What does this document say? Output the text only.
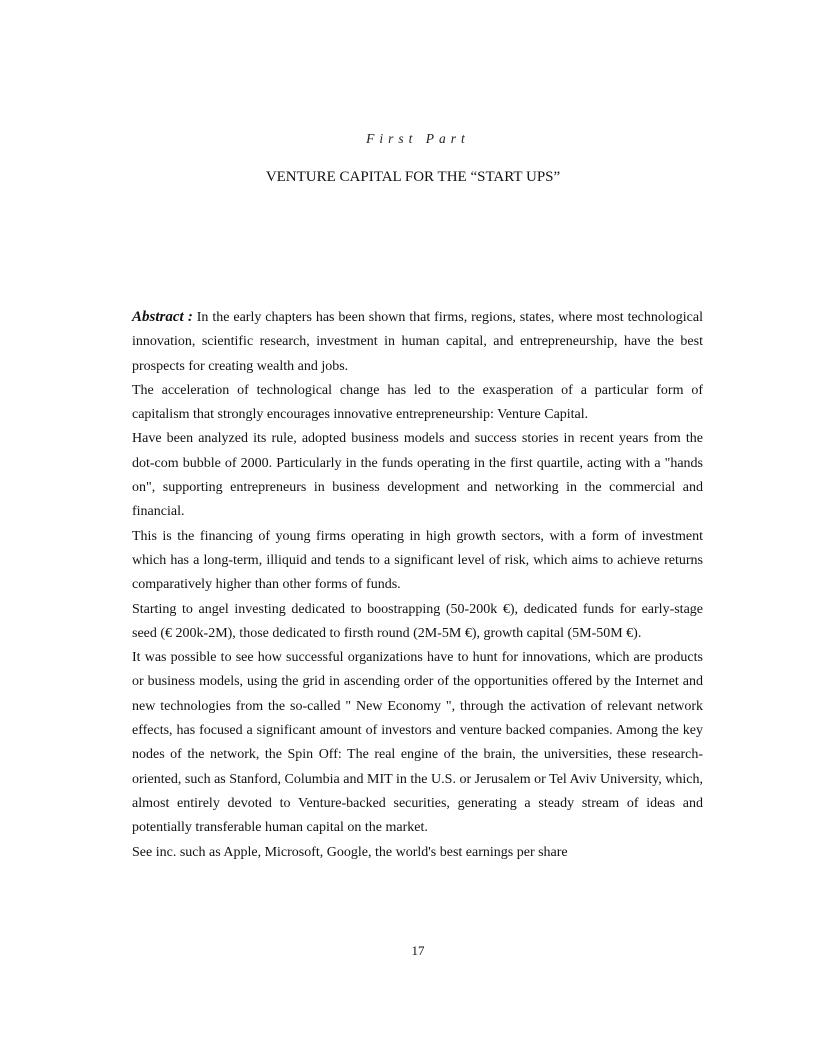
First Part
VENTURE CAPITAL FOR THE “START UPS”

Abstract : In the early chapters has been shown that firms, regions, states, where most technological innovation, scientific research, investment in human capital, and entrepreneurship, have the best prospects for creating wealth and jobs.

The acceleration of technological change has led to the exasperation of a particular form of capitalism that strongly encourages innovative entrepreneurship: Venture Capital.

Have been analyzed its rule, adopted business models and success stories in recent years from the dot-com bubble of 2000. Particularly in the funds operating in the first quartile, acting with a "hands on", supporting entrepreneurs in business development and networking in the commercial and financial.

This is the financing of young firms operating in high growth sectors, with a form of investment which has a long-term, illiquid and tends to a significant level of risk, which aims to achieve returns comparatively higher than other forms of funds.

Starting to angel investing dedicated to boostrapping (50-200k €), dedicated funds for early-stage seed (€ 200k-2M), those dedicated to firsth round (2M-5M €), growth capital (5M-50M €).

It was possible to see how successful organizations have to hunt for innovations, which are products or business models, using the grid in ascending order of the opportunities offered by the Internet and new technologies from the so-called " New Economy ", through the activation of relevant network effects, has focused a significant amount of investors and venture backed companies. Among the key nodes of the network, the Spin Off: The real engine of the brain, the universities, these research-oriented, such as Stanford, Columbia and MIT in the U.S. or Jerusalem or Tel Aviv University, which, almost entirely devoted to Venture-backed securities, generating a steady stream of ideas and potentially transferable human capital on the market.

See inc. such as Apple, Microsoft, Google, the world's best earnings per share

17
